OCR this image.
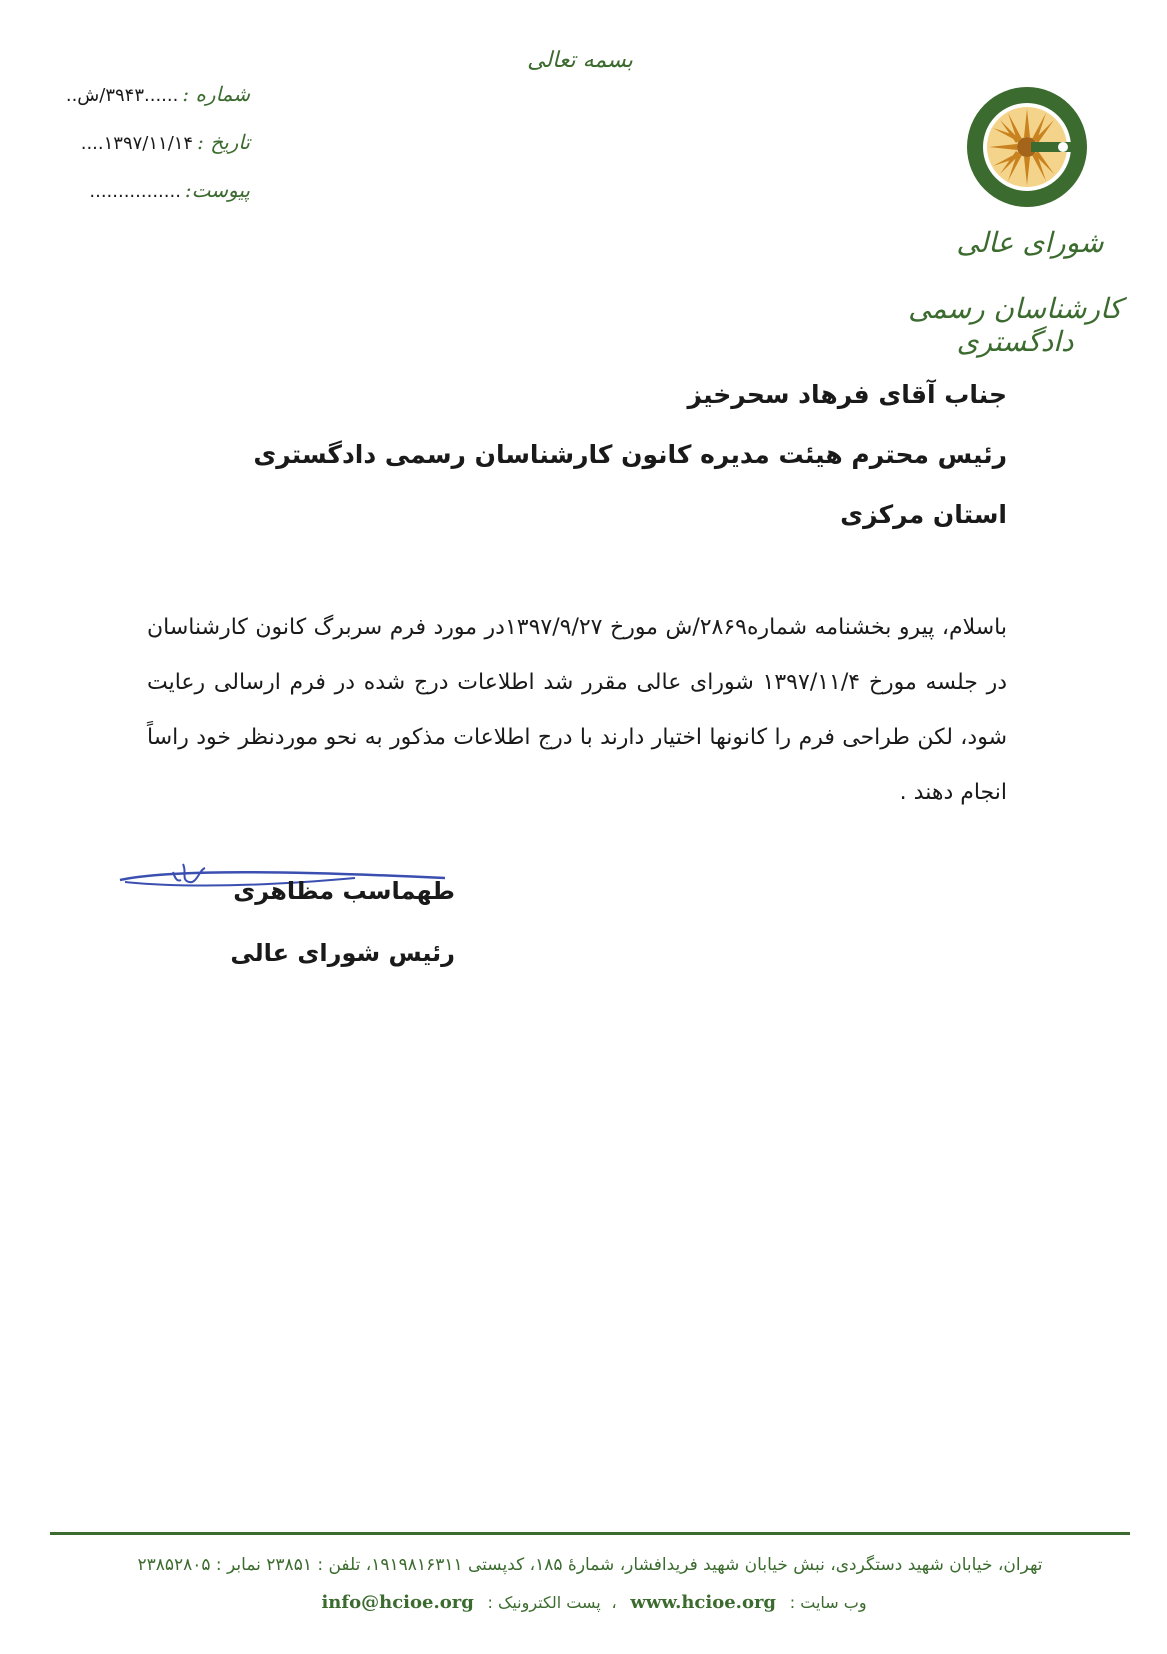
بسمه تعالی
شماره :
......۳۹۴۳/ش..
تاریخ :
۱۳۹۷/۱۱/۱۴....
پیوست:
................
شورای عالی
کارشناسان رسمی دادگستری
جناب آقای فرهاد سحرخیز
رئیس محترم هیئت مدیره کانون کارشناسان رسمی دادگستری
استان مرکزی
باسلام، پیرو بخشنامه شماره۲۸۶۹/ش مورخ ۱۳۹۷/۹/۲۷در مورد فرم سربرگ کانون کارشناسان در جلسه مورخ ۱۳۹۷/۱۱/۴ شورای عالی مقرر شد اطلاعات درج شده در فرم ارسالی رعایت شود، لکن طراحی فرم را کانونها اختیار دارند با درج اطلاعات مذکور به نحو موردنظر خود راساً انجام دهند .
طهماسب مظاهری
رئیس شورای عالی
تهران، خیابان شهید دستگردی، نبش خیابان شهید فریدافشار، شمارهٔ ۱۸۵، کدپستی ۱۹۱۹۸۱۶۳۱۱، تلفن : ۲۳۸۵۱ نمابر : ۲۳۸۵۲۸۰۵
وب سایت : www.hcioe.org ،  پست الکترونیک : info@hcioe.org
